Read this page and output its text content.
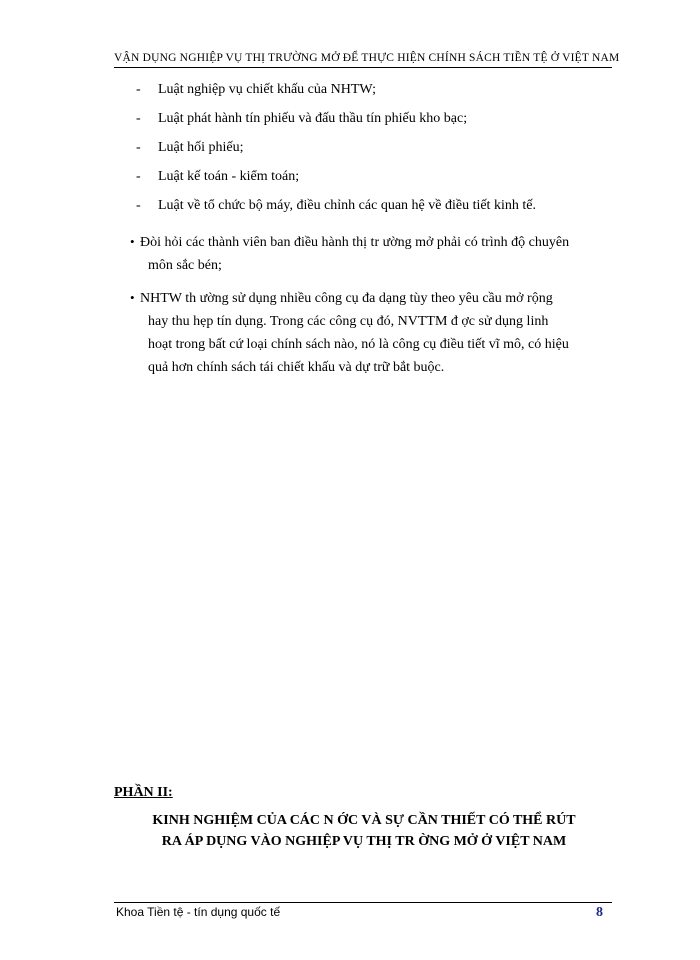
VẬN DỤNG NGHIỆP VỤ THỊ TRƯỜNG MỞ ĐỂ THỰC HIỆN CHÍNH SÁCH TIỀN TỆ Ở VIỆT NAM
- Luật nghiệp vụ chiết khấu của NHTW;
- Luật phát hành tín phiếu và đấu thầu tín phiếu kho bạc;
- Luật hối phiếu;
- Luật kế toán - kiểm toán;
- Luật về tổ chức bộ máy, điều chỉnh các quan hệ về điều tiết kinh tế.
• Đòi hỏi các thành viên ban điều hành thị tr ường mở phải có trình độ chuyên
môn sắc bén;
• NHTW th ường sử dụng nhiều công cụ đa dạng tùy theo yêu cầu mở rộng
hay thu hẹp tín dụng. Trong các công cụ đó, NVTTM đ ợc sử dụng linh
hoạt trong bất cứ loại chính sách nào, nó là công cụ điều tiết vĩ mô, có hiệu
quả hơn chính sách tái chiết khấu và dự trữ bắt buộc.
PHẦN II:
KINH NGHIỆM CỦA CÁC N ỚC VÀ SỰ CẦN THIẾT CÓ THỂ RÚT
RA ÁP DỤNG VÀO NGHIỆP VỤ THỊ TR ỜNG MỞ Ở VIỆT NAM
Khoa Tiền tệ - tín dụng quốc tế	8
